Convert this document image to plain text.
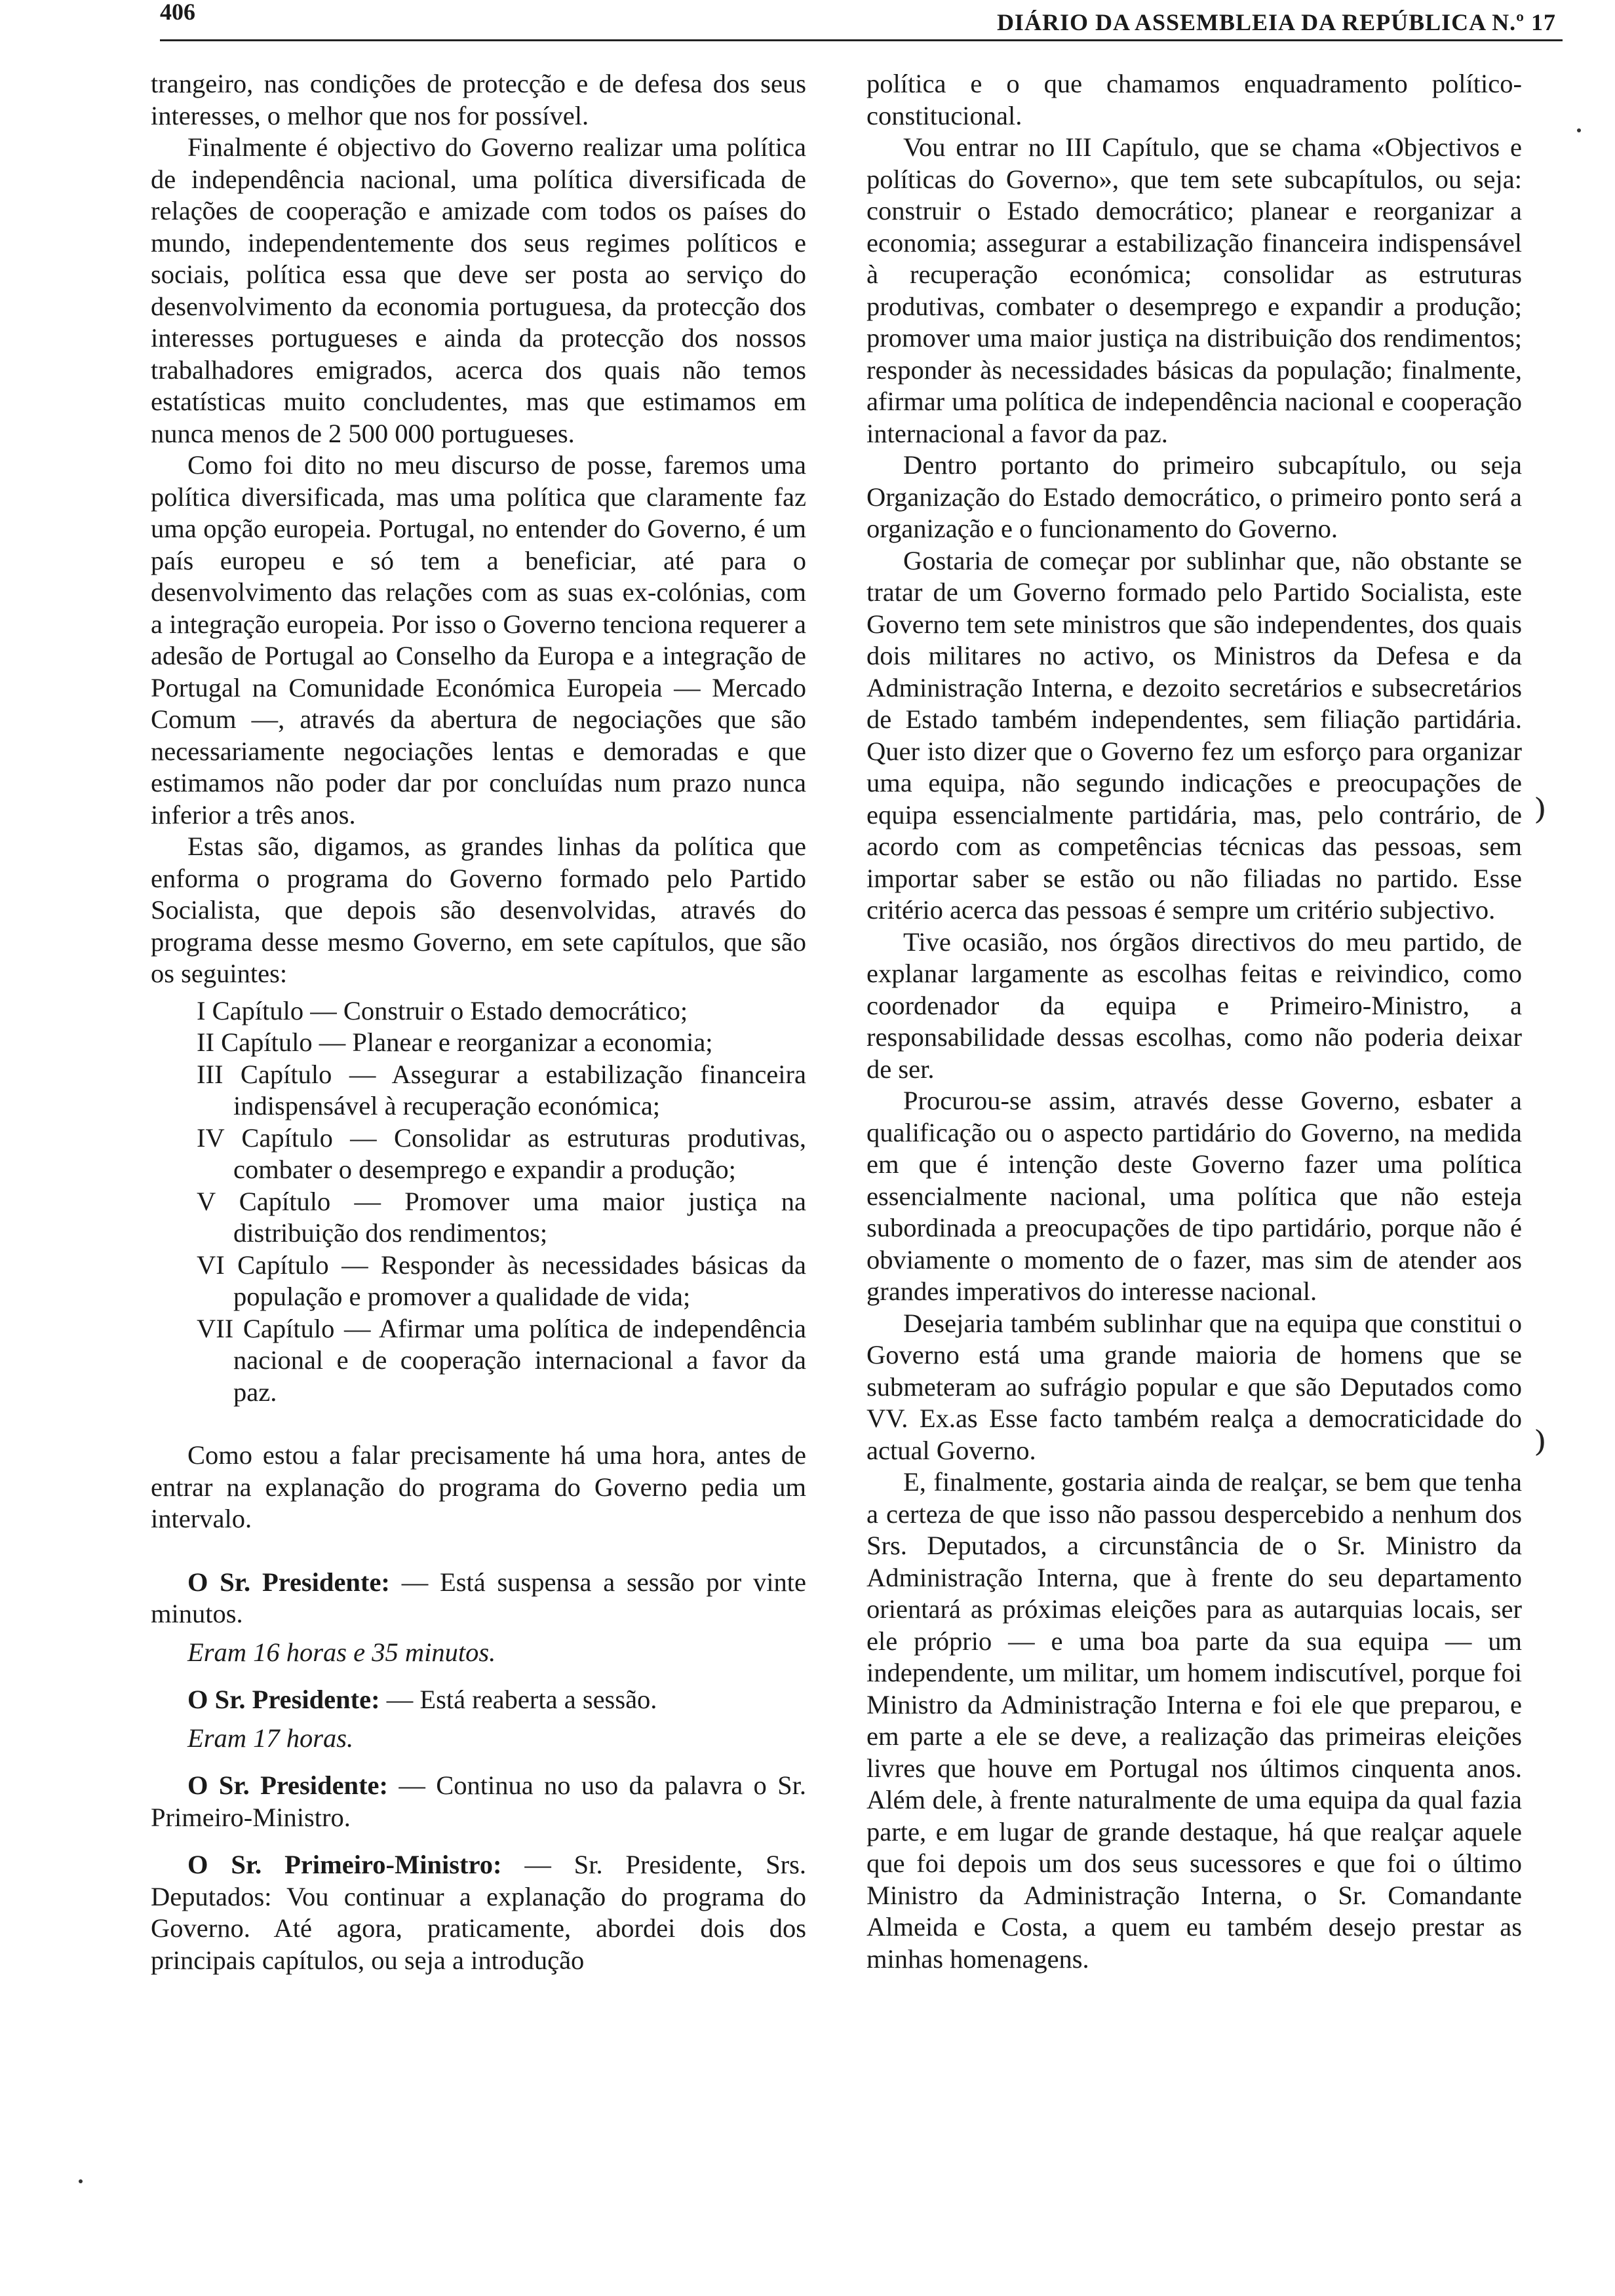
406	DIÁRIO DA ASSEMBLEIA DA REPÚBLICA N.º 17

trangeiro, nas condições de protecção e de defesa dos seus interesses, o melhor que nos for possível.

Finalmente é objectivo do Governo realizar uma política de independência nacional, uma política diversificada de relações de cooperação e amizade com todos os países do mundo, independentemente dos seus regimes políticos e sociais, política essa que deve ser posta ao serviço do desenvolvimento da economia portuguesa, da protecção dos interesses portugueses e ainda da protecção dos nossos trabalhadores emigrados, acerca dos quais não temos estatísticas muito concludentes, mas que estimamos em nunca menos de 2 500 000 portugueses.

Como foi dito no meu discurso de posse, faremos uma política diversificada, mas uma política que claramente faz uma opção europeia. Portugal, no entender do Governo, é um país europeu e só tem a beneficiar, até para o desenvolvimento das relações com as suas ex-colónias, com a integração europeia. Por isso o Governo tenciona requerer a adesão de Portugal ao Conselho da Europa e a integração de Portugal na Comunidade Económica Europeia — Mercado Comum —, através da abertura de negociações que são necessariamente negociações lentas e demoradas e que estimamos não poder dar por concluídas num prazo nunca inferior a três anos.

Estas são, digamos, as grandes linhas da política que enforma o programa do Governo formado pelo Partido Socialista, que depois são desenvolvidas, através do programa desse mesmo Governo, em sete capítulos, que são os seguintes:

I Capítulo — Construir o Estado democrático;
II Capítulo — Planear e reorganizar a economia;
III Capítulo — Assegurar a estabilização financeira indispensável à recuperação económica;
IV Capítulo — Consolidar as estruturas produtivas, combater o desemprego e expandir a produção;
V Capítulo — Promover uma maior justiça na distribuição dos rendimentos;
VI Capítulo — Responder às necessidades básicas da população e promover a qualidade de vida;
VII Capítulo — Afirmar uma política de independência nacional e de cooperação internacional a favor da paz.

Como estou a falar precisamente há uma hora, antes de entrar na explanação do programa do Governo pedia um intervalo.

O Sr. Presidente: — Está suspensa a sessão por vinte minutos.

Eram 16 horas e 35 minutos.

O Sr. Presidente: — Está reaberta a sessão.

Eram 17 horas.

O Sr. Presidente: — Continua no uso da palavra o Sr. Primeiro-Ministro.

O Sr. Primeiro-Ministro: — Sr. Presidente, Srs. Deputados: Vou continuar a explanação do programa do Governo. Até agora, praticamente, abordei dois dos principais capítulos, ou seja a introdução

política e o que chamamos enquadramento político-constitucional.

Vou entrar no III Capítulo, que se chama «Objectivos e políticas do Governo», que tem sete subcapítulos, ou seja: construir o Estado democrático; planear e reorganizar a economia; assegurar a estabilização financeira indispensável à recuperação económica; consolidar as estruturas produtivas, combater o desemprego e expandir a produção; promover uma maior justiça na distribuição dos rendimentos; responder às necessidades básicas da população; finalmente, afirmar uma política de independência nacional e cooperação internacional a favor da paz.

Dentro portanto do primeiro subcapítulo, ou seja Organização do Estado democrático, o primeiro ponto será a organização e o funcionamento do Governo.

Gostaria de começar por sublinhar que, não obstante se tratar de um Governo formado pelo Partido Socialista, este Governo tem sete ministros que são independentes, dos quais dois militares no activo, os Ministros da Defesa e da Administração Interna, e dezoito secretários e subsecretários de Estado também independentes, sem filiação partidária. Quer isto dizer que o Governo fez um esforço para organizar uma equipa, não segundo indicações e preocupações de equipa essencialmente partidária, mas, pelo contrário, de acordo com as competências técnicas das pessoas, sem importar saber se estão ou não filiadas no partido. Esse critério acerca das pessoas é sempre um critério subjectivo.

Tive ocasião, nos órgãos directivos do meu partido, de explanar largamente as escolhas feitas e reivindico, como coordenador da equipa e Primeiro-Ministro, a responsabilidade dessas escolhas, como não poderia deixar de ser.

Procurou-se assim, através desse Governo, esbater a qualificação ou o aspecto partidário do Governo, na medida em que é intenção deste Governo fazer uma política essencialmente nacional, uma política que não esteja subordinada a preocupações de tipo partidário, porque não é obviamente o momento de o fazer, mas sim de atender aos grandes imperativos do interesse nacional.

Desejaria também sublinhar que na equipa que constitui o Governo está uma grande maioria de homens que se submeteram ao sufrágio popular e que são Deputados como VV. Ex.as Esse facto também realça a democraticidade do actual Governo.

E, finalmente, gostaria ainda de realçar, se bem que tenha a certeza de que isso não passou despercebido a nenhum dos Srs. Deputados, a circunstância de o Sr. Ministro da Administração Interna, que à frente do seu departamento orientará as próximas eleições para as autarquias locais, ser ele próprio — e uma boa parte da sua equipa — um independente, um militar, um homem indiscutível, porque foi Ministro da Administração Interna e foi ele que preparou, e em parte a ele se deve, a realização das primeiras eleições livres que houve em Portugal nos últimos cinquenta anos. Além dele, à frente naturalmente de uma equipa da qual fazia parte, e em lugar de grande destaque, há que realçar aquele que foi depois um dos seus sucessores e que foi o último Ministro da Administração Interna, o Sr. Comandante Almeida e Costa, a quem eu também desejo prestar as minhas homenagens.

⁾
⁾
